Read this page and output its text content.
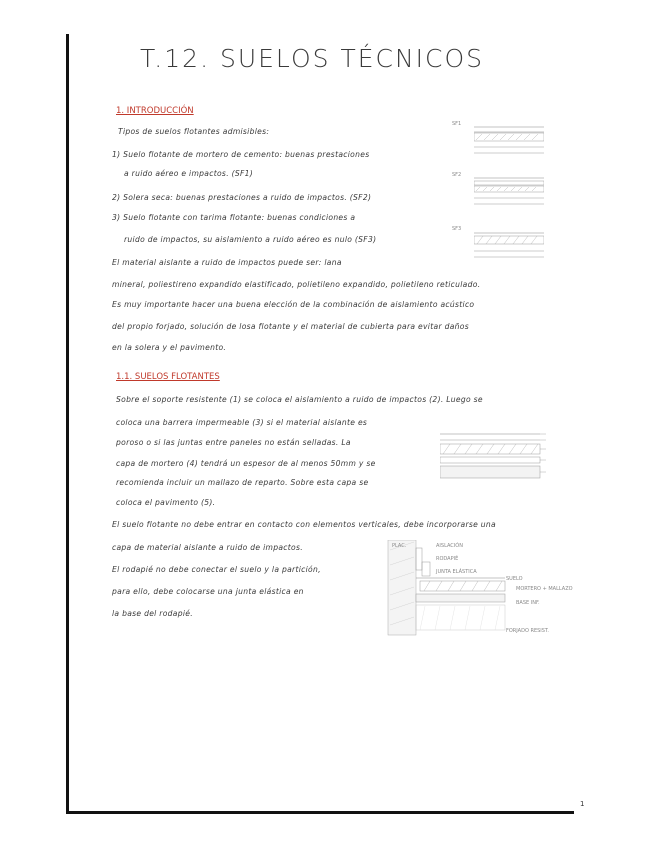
T.12. SUELOS TÉCNICOS
1. INTRODUCCIÓN
Tipos de suelos flotantes admisibles:
1) Suelo flotante de mortero de cemento: buenas prestaciones
a ruido aéreo e impactos. (SF1)
2) Solera seca: buenas prestaciones a ruido de impactos. (SF2)
3) Suelo flotante con tarima flotante: buenas condiciones a
ruido de impactos, su aislamiento a ruido aéreo es nulo (SF3)
El material aislante a ruido de impactos puede ser: lana
mineral, poliestireno expandido elastificado, polietileno expandido, polietileno reticulado.
Es muy importante hacer una buena elección de la combinación de aislamiento acústico
del propio forjado, solución de losa flotante y el material de cubierta para evitar daños
en la solera y el pavimento.
SF1
SF2
SF3
1.1. SUELOS FLOTANTES
Sobre el soporte resistente (1) se coloca el aislamiento a ruido de impactos (2). Luego se
coloca una barrera impermeable (3) si el material aislante es
poroso o si las juntas entre paneles no están selladas. La
capa de mortero (4) tendrá un espesor de al menos 50mm y se
recomienda incluir un mallazo de reparto. Sobre esta capa se
coloca el pavimento (5).
El suelo flotante no debe entrar en contacto con elementos verticales, debe incorporarse una
capa de material aislante a ruido de impactos.
El rodapié no debe conectar el suelo y la partición,
para ello, debe colocarse una junta elástica en
la base del rodapié.
PLAC.	AISLACIÓN
RODAPIÉ
JUNTA ELÁSTICA
SUELO
MORTERO + MALLAZO
BASE INF.
FORJADO RESIST.
1
